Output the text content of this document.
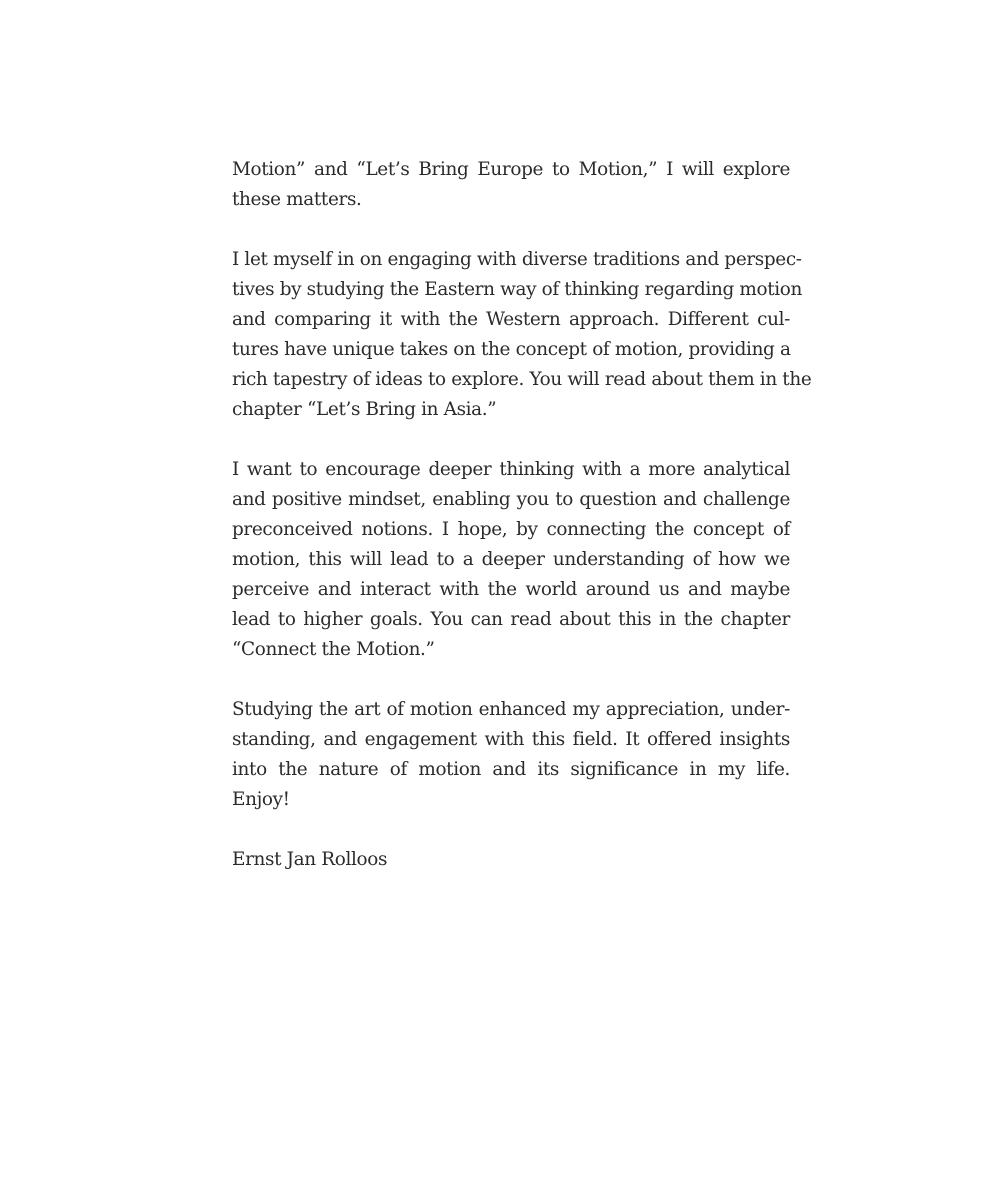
Motion” and “Let’s Bring Europe to Motion,” I will explore
these matters.
I let myself in on engaging with diverse traditions and perspec-
tives by studying the Eastern way of thinking regarding motion
and comparing it with the Western approach. Different cul-
tures have unique takes on the concept of motion, providing a
rich tapestry of ideas to explore. You will read about them in the
chapter “Let’s Bring in Asia.”
I want to encourage deeper thinking with a more analytical
and positive mindset, enabling you to question and challenge
preconceived notions. I hope, by connecting the concept of
motion, this will lead to a deeper understanding of how we
perceive and interact with the world around us and maybe
lead to higher goals. You can read about this in the chapter
“Connect the Motion.”
Studying the art of motion enhanced my appreciation, under-
standing, and engagement with this field. It offered insights
into the nature of motion and its significance in my life.
Enjoy!

Ernst Jan Rolloos
